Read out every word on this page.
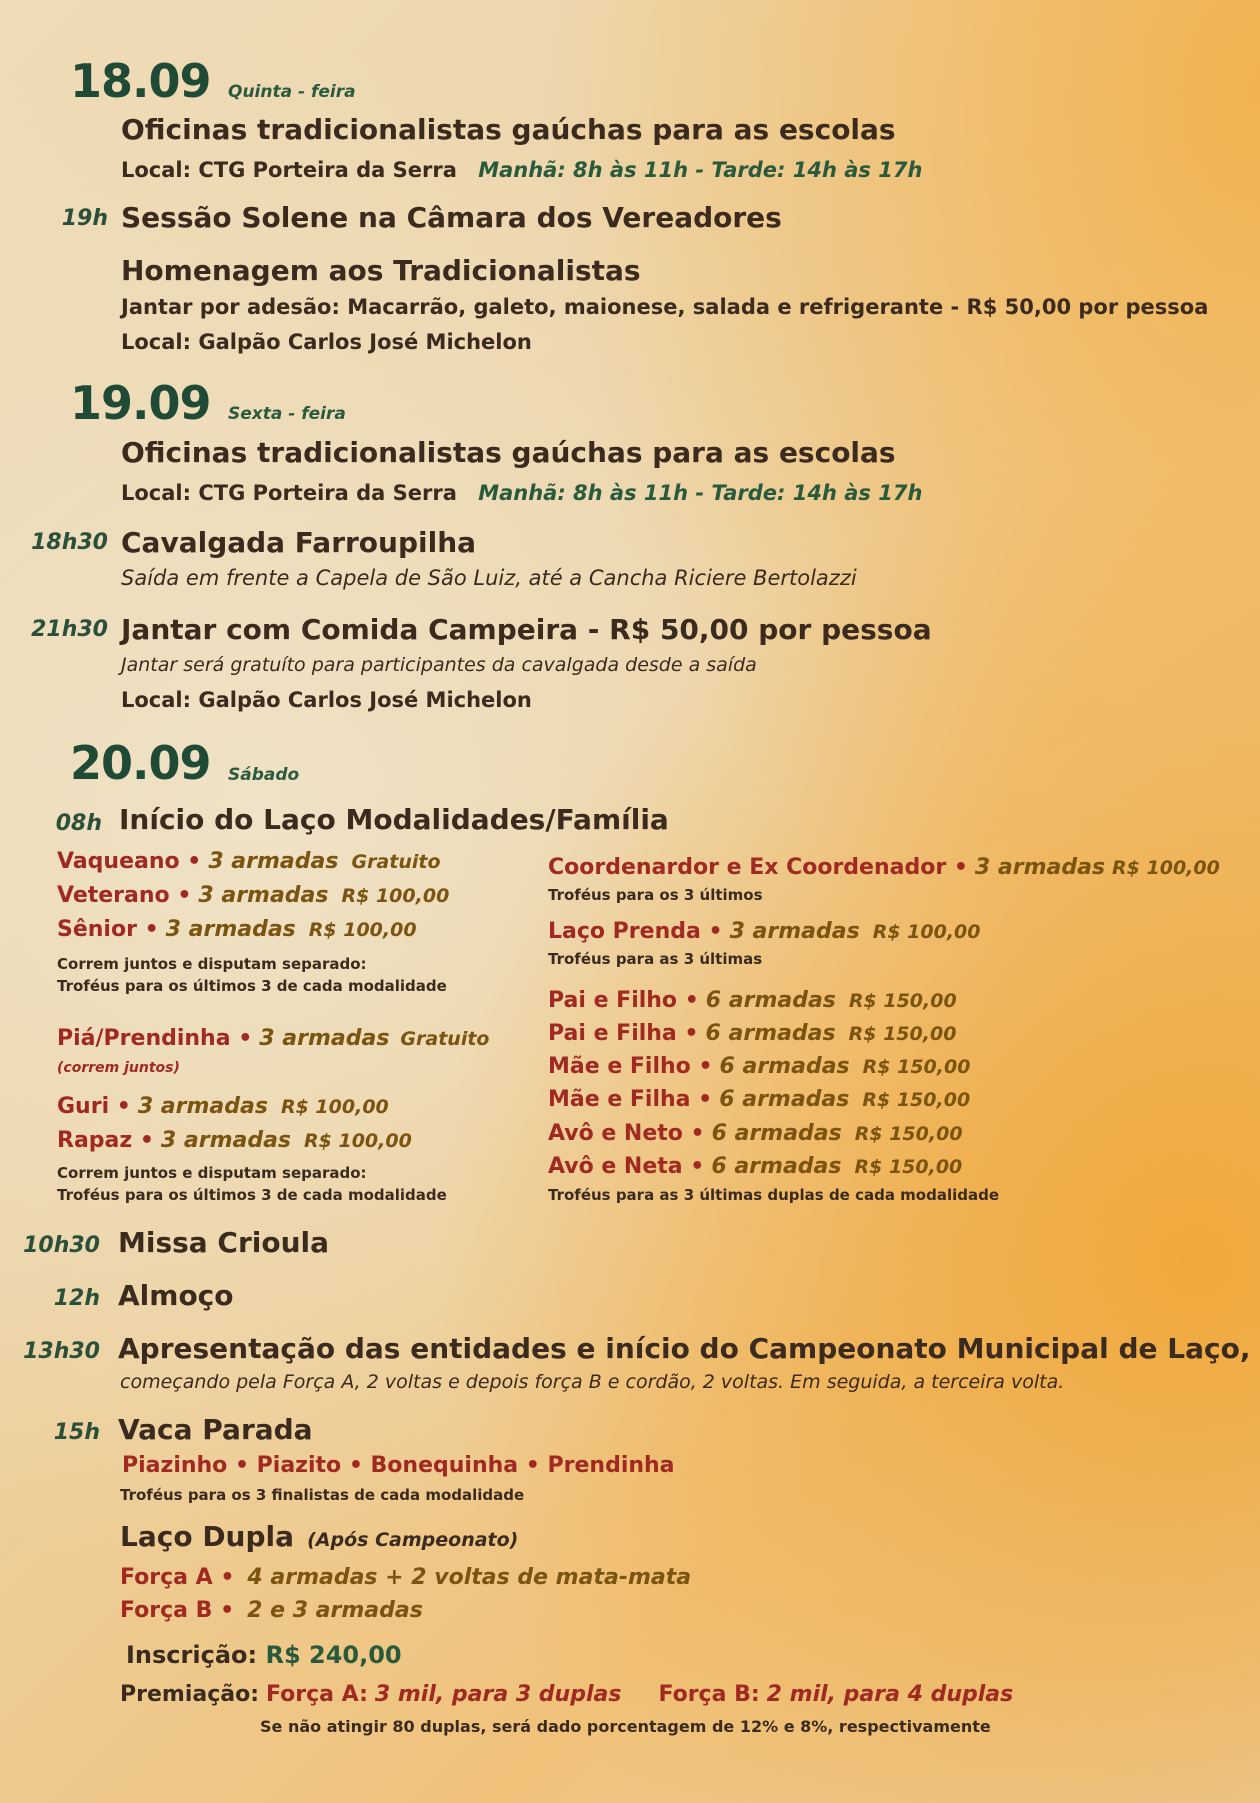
18.09 Quinta - feira
Oficinas tradicionalistas gaúchas para as escolas
Local: CTG Porteira da Serra Manhã: 8h às 11h - Tarde: 14h às 17h
19h Sessão Solene na Câmara dos Vereadores
Homenagem aos Tradicionalistas
Jantar por adesão: Macarrão, galeto, maionese, salada e refrigerante - R$ 50,00 por pessoa
Local: Galpão Carlos José Michelon
19.09 Sexta - feira
Oficinas tradicionalistas gaúchas para as escolas
Local: CTG Porteira da Serra Manhã: 8h às 11h - Tarde: 14h às 17h
18h30 Cavalgada Farroupilha
Saída em frente a Capela de São Luiz, até a Cancha Riciere Bertolazzi
21h30 Jantar com Comida Campeira - R$ 50,00 por pessoa
Jantar será gratuíto para participantes da cavalgada desde a saída
Local: Galpão Carlos José Michelon
20.09 Sábado
08h Início do Laço Modalidades/Família
Vaqueano • 3 armadas Gratuito
Veterano • 3 armadas R$ 100,00
Sênior • 3 armadas R$ 100,00
Correm juntos e disputam separado:
Troféus para os últimos 3 de cada modalidade
Piá/Prendinha • 3 armadas Gratuito
(correm juntos)
Guri • 3 armadas R$ 100,00
Rapaz • 3 armadas R$ 100,00
Correm juntos e disputam separado:
Troféus para os últimos 3 de cada modalidade
Coordenardor e Ex Coordenador • 3 armadas R$ 100,00
Troféus para os 3 últimos
Laço Prenda • 3 armadas R$ 100,00
Troféus para as 3 últimas
Pai e Filho • 6 armadas R$ 150,00
Pai e Filha • 6 armadas R$ 150,00
Mãe e Filho • 6 armadas R$ 150,00
Mãe e Filha • 6 armadas R$ 150,00
Avô e Neto • 6 armadas R$ 150,00
Avô e Neta • 6 armadas R$ 150,00
Troféus para as 3 últimas duplas de cada modalidade
10h30 Missa Crioula
12h Almoço
13h30 Apresentação das entidades e início do Campeonato Municipal de Laço,
começando pela Força A, 2 voltas e depois força B e cordão, 2 voltas. Em seguida, a terceira volta.
15h Vaca Parada
Piazinho • Piazito • Bonequinha • Prendinha
Troféus para os 3 finalistas de cada modalidade
Laço Dupla (Após Campeonato)
Força A • 4 armadas + 2 voltas de mata-mata
Força B • 2 e 3 armadas
Inscrição: R$ 240,00
Premiação: Força A: 3 mil, para 3 duplas Força B: 2 mil, para 4 duplas
Se não atingir 80 duplas, será dado porcentagem de 12% e 8%, respectivamente
